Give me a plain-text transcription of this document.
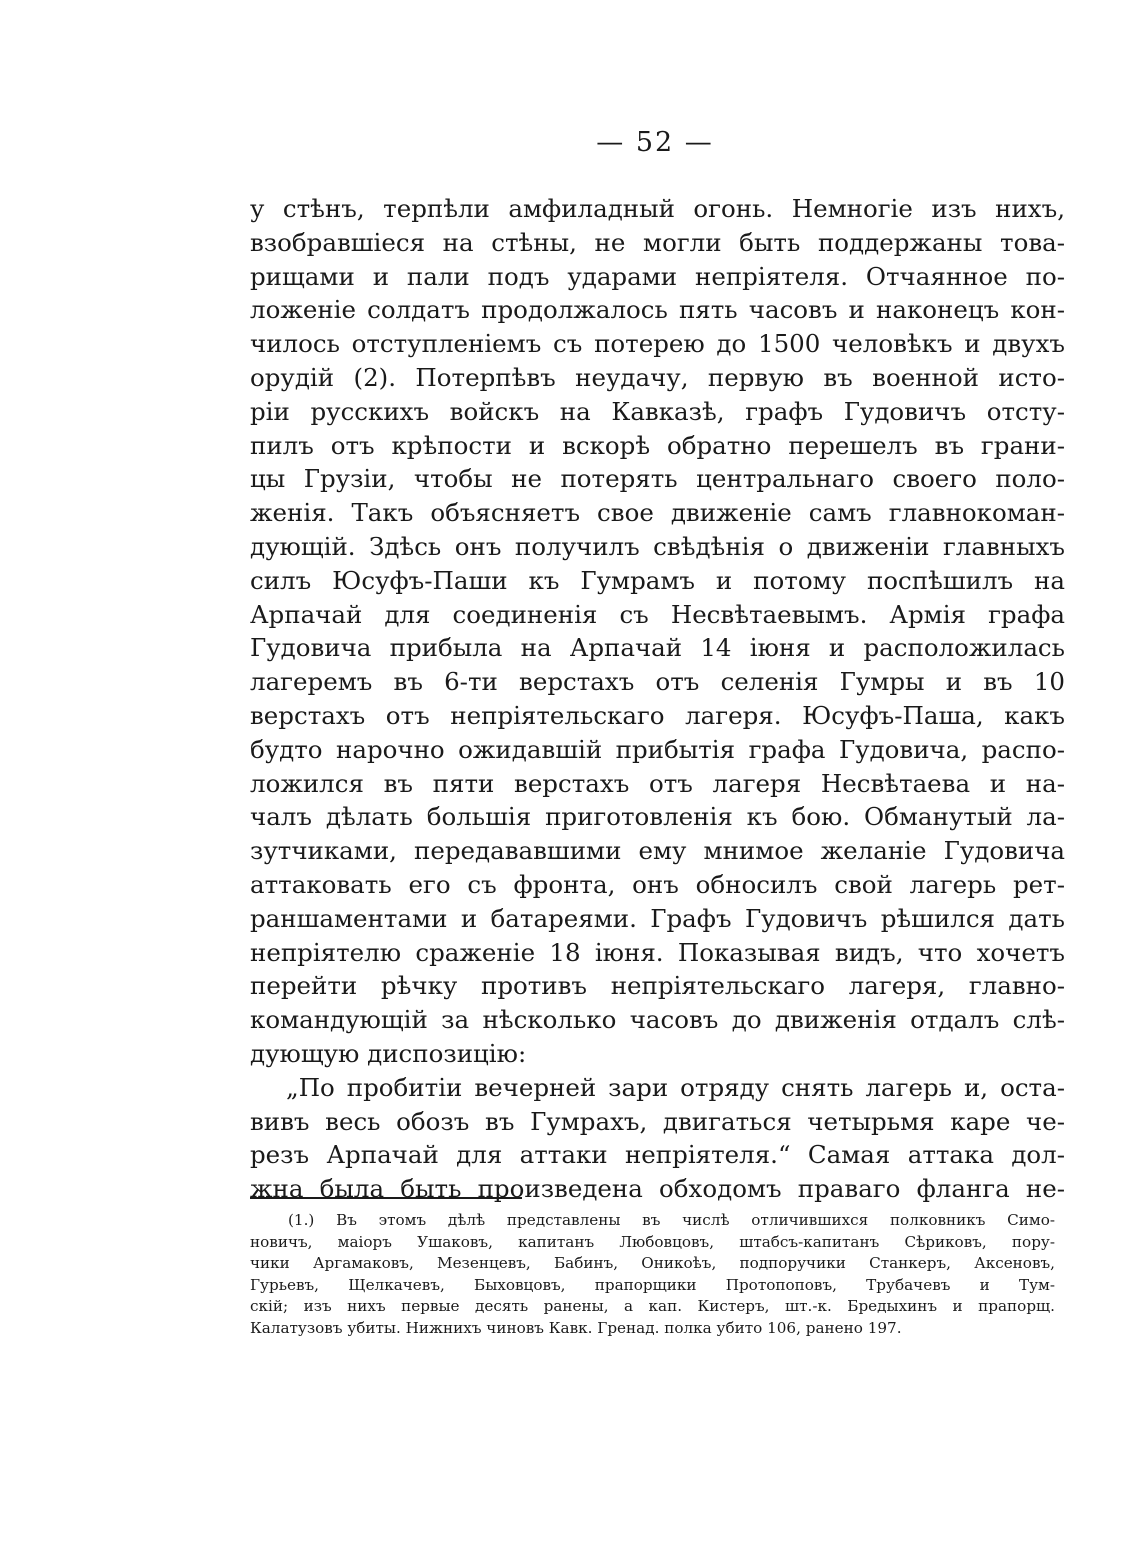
— 52 —
у стѣнъ, терпѣли амфиладный огонь. Немногіе изъ нихъ,
взобравшіеся на стѣны, не могли быть поддержаны това-
рищами и пали подъ ударами непріятеля. Отчаянное по-
ложеніе солдатъ продолжалось пять часовъ и наконецъ кон-
чилось отступленіемъ съ потерею до 1500 человѣкъ и двухъ
орудій (2). Потерпѣвъ неудачу, первую въ военной исто-
ріи русскихъ войскъ на Кавказѣ, графъ Гудовичъ отсту-
пилъ отъ крѣпости и вскорѣ обратно перешелъ въ грани-
цы Грузіи, чтобы не потерять центральнаго своего поло-
женія. Такъ объясняетъ свое движеніе самъ главнокоман-
дующій. Здѣсь онъ получилъ свѣдѣнія о движеніи главныхъ
силъ Юсуфъ-Паши къ Гумрамъ и потому поспѣшилъ на
Арпачай для соединенія съ Несвѣтаевымъ. Армія графа
Гудовича прибыла на Арпачай 14 іюня и расположилась
лагеремъ въ 6-ти верстахъ отъ селенія Гумры и въ 10
верстахъ отъ непріятельскаго лагеря. Юсуфъ-Паша, какъ
будто нарочно ожидавшій прибытія графа Гудовича, распо-
ложился въ пяти верстахъ отъ лагеря Несвѣтаева и на-
чалъ дѣлать большія приготовленія къ бою. Обманутый ла-
зутчиками, передававшими ему мнимое желаніе Гудовича
аттаковать его съ фронта, онъ обносилъ свой лагерь рет-
раншаментами и батареями. Графъ Гудовичъ рѣшился дать
непріятелю сраженіе 18 іюня. Показывая видъ, что хочетъ
перейти рѣчку противъ непріятельскаго лагеря, главно-
командующій за нѣсколько часовъ до движенія отдалъ слѣ-
дующую диспозицію:
„По пробитіи вечерней зари отряду снять лагерь и, оста-
вивъ весь обозъ въ Гумрахъ, двигаться четырьмя каре че-
резъ Арпачай для аттаки непріятеля.“ Самая аттака дол-
жна была быть произведена обходомъ праваго фланга не-
(1.) Въ этомъ дѣлѣ представлены въ числѣ отличившихся полковникъ Симо-
новичъ, маіоръ Ушаковъ, капитанъ Любовцовъ, штабсъ-капитанъ Сѣриковъ, пору-
чики Аргамаковъ, Мезенцевъ, Бабинъ, Оникоѣъ, подпоручики Станкеръ, Аксеновъ,
Гурьевъ, Щелкачевъ, Быховцовъ, прапорщики Протопоповъ, Трубачевъ и Тум-
скій; изъ нихъ первые десять ранены, а кап. Кистеръ, шт.-к. Бредыхинъ и прапорщ.
Калатузовъ убиты. Нижнихъ чиновъ Кавк. Гренад. полка убито 106, ранено 197.
